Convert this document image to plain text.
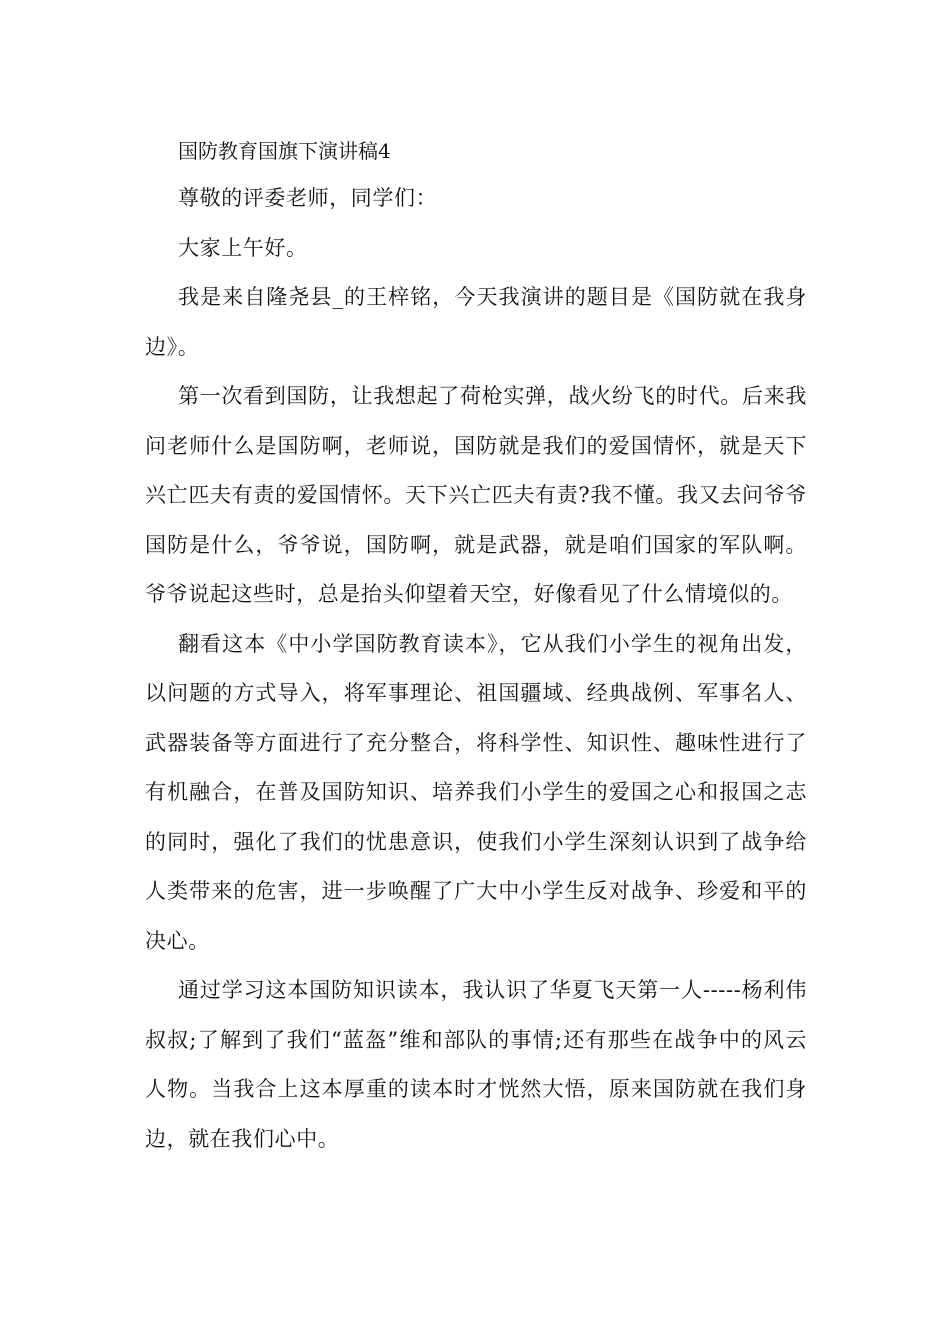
国防教育国旗下演讲稿4

尊敬的评委老师，同学们：

大家上午好。

我是来自隆尧县_的王梓铭，今天我演讲的题目是《国防就在我身边》。

第一次看到国防，让我想起了荷枪实弹，战火纷飞的时代。后来我问老师什么是国防啊，老师说，国防就是我们的爱国情怀，就是天下兴亡匹夫有责的爱国情怀。天下兴亡匹夫有责?我不懂。我又去问爷爷国防是什么，爷爷说，国防啊，就是武器，就是咱们国家的军队啊。爷爷说起这些时，总是抬头仰望着天空，好像看见了什么情境似的。

翻看这本《中小学国防教育读本》，它从我们小学生的视角出发，以问题的方式导入，将军事理论、祖国疆域、经典战例、军事名人、武器装备等方面进行了充分整合，将科学性、知识性、趣味性进行了有机融合，在普及国防知识、培养我们小学生的爱国之心和报国之志的同时，强化了我们的忧患意识，使我们小学生深刻认识到了战争给人类带来的危害，进一步唤醒了广大中小学生反对战争、珍爱和平的决心。

通过学习这本国防知识读本，我认识了华夏飞天第一人-----杨利伟叔叔;了解到了我们“蓝盔”维和部队的事情;还有那些在战争中的风云人物。当我合上这本厚重的读本时才恍然大悟，原来国防就在我们身边，就在我们心中。
